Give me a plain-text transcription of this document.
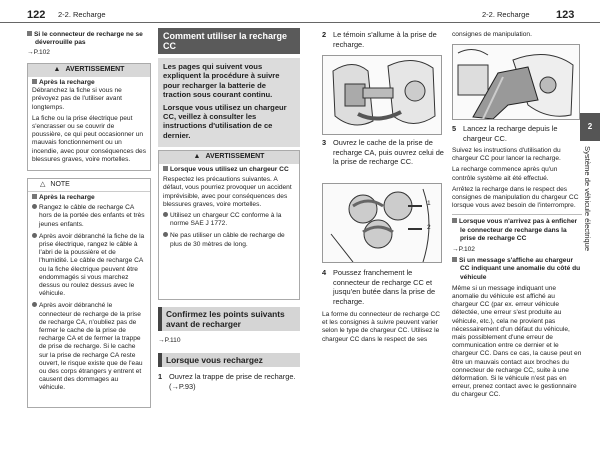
122 2-2. Recharge	2-2. Recharge 123
2
Système de véhicule électrique
Si le connecteur de recharge ne se déverrouille pas
→P.102
▲ AVERTISSEMENT
Après la recharge

Débranchez la fiche si vous ne prévoyez pas de l'utiliser avant longtemps.

La fiche ou la prise électrique peut s'encrasser ou se couvrir de poussière, ce qui peut occasionner un mauvais fonctionnement ou un incendie, avec pour conséquences des blessures graves, voire mortelles.

△ NOTE
Après la recharge
Rangez le câble de recharge CA hors de la portée des enfants et très jeunes enfants.
Après avoir débranché la fiche de la prise électrique, rangez le câble à l'abri de la poussière et de l'humidité. Le câble de recharge CA ou la fiche électrique peuvent être endommagés si vous marchez dessus ou roulez dessus avec le véhicule.
Après avoir débranché le connecteur de recharge de la prise de recharge CA, n'oubliez pas de fermer le cache de la prise de recharge CA et de fermer la trappe de prise de recharge. Si le cache sur la prise de recharge CA reste ouvert, le risque existe que de l'eau ou des corps étrangers y entrent et causent des dommages au véhicule.
Comment utiliser la recharge CC

Les pages qui suivent vous expliquent la procédure à suivre pour recharger la batterie de traction sous courant continu.

Lorsque vous utilisez un chargeur CC, veillez à consulter les instructions d'utilisation de ce dernier.

▲ AVERTISSEMENT
Lorsque vous utilisez un chargeur CC

Respectez les précautions suivantes. A défaut, vous pourriez provoquer un accident imprévisible, avec pour conséquences des blessures graves, voire mortelles.

Utilisez un chargeur CC conforme à la norme SAE J 1772.
Ne pas utiliser un câble de recharge de plus de 30 mètres de long.
Confirmez les points suivants avant de recharger
→P.110
Lorsque vous rechargez
1 Ouvrez la trappe de prise de recharge. (→P.93)
2 Le témoin s'allume à la prise de recharge.
3 Ouvrez le cache de la prise de recharge CA, puis ouvrez celui de la prise de recharge CC.
1
2
4 Poussez franchement le connecteur de recharge CC et jusqu'en butée dans la prise de recharge.

La forme du connecteur de recharge CC et les consignes à suivre peuvent varier selon le type de chargeur CC. Utilisez le chargeur CC dans le respect de ses

consignes de manipulation.
5 Lancez la recharge depuis le chargeur CC.

Suivez les instructions d'utilisation du chargeur CC pour lancer la recharge.

La recharge commence après qu'un contrôle système ait été effectué.

Arrêtez la recharge dans le respect des consignes de manipulation du chargeur CC lorsque vous avez besoin de l'interrompre.

Lorsque vous n'arrivez pas à enficher le connecteur de recharge dans la prise de recharge CC
→P.102
Si un message s'affiche au chargeur CC indiquant une anomalie du côté du véhicule

Même si un message indiquant une anomalie du véhicule est affiché au chargeur CC (par ex. erreur véhicule détectée, une erreur s'est produite au véhicule, etc.), cela ne provient pas nécessairement d'un défaut du véhicule, mais possiblement d'une erreur de communication entre ce dernier et le chargeur CC. Dans ce cas, la cause peut en être un mauvais contact aux broches du connecteur de recharge CC, suite à une déformation. Si le véhicule n'est pas en erreur, prenez contact avec le gestionnaire du chargeur CC.
